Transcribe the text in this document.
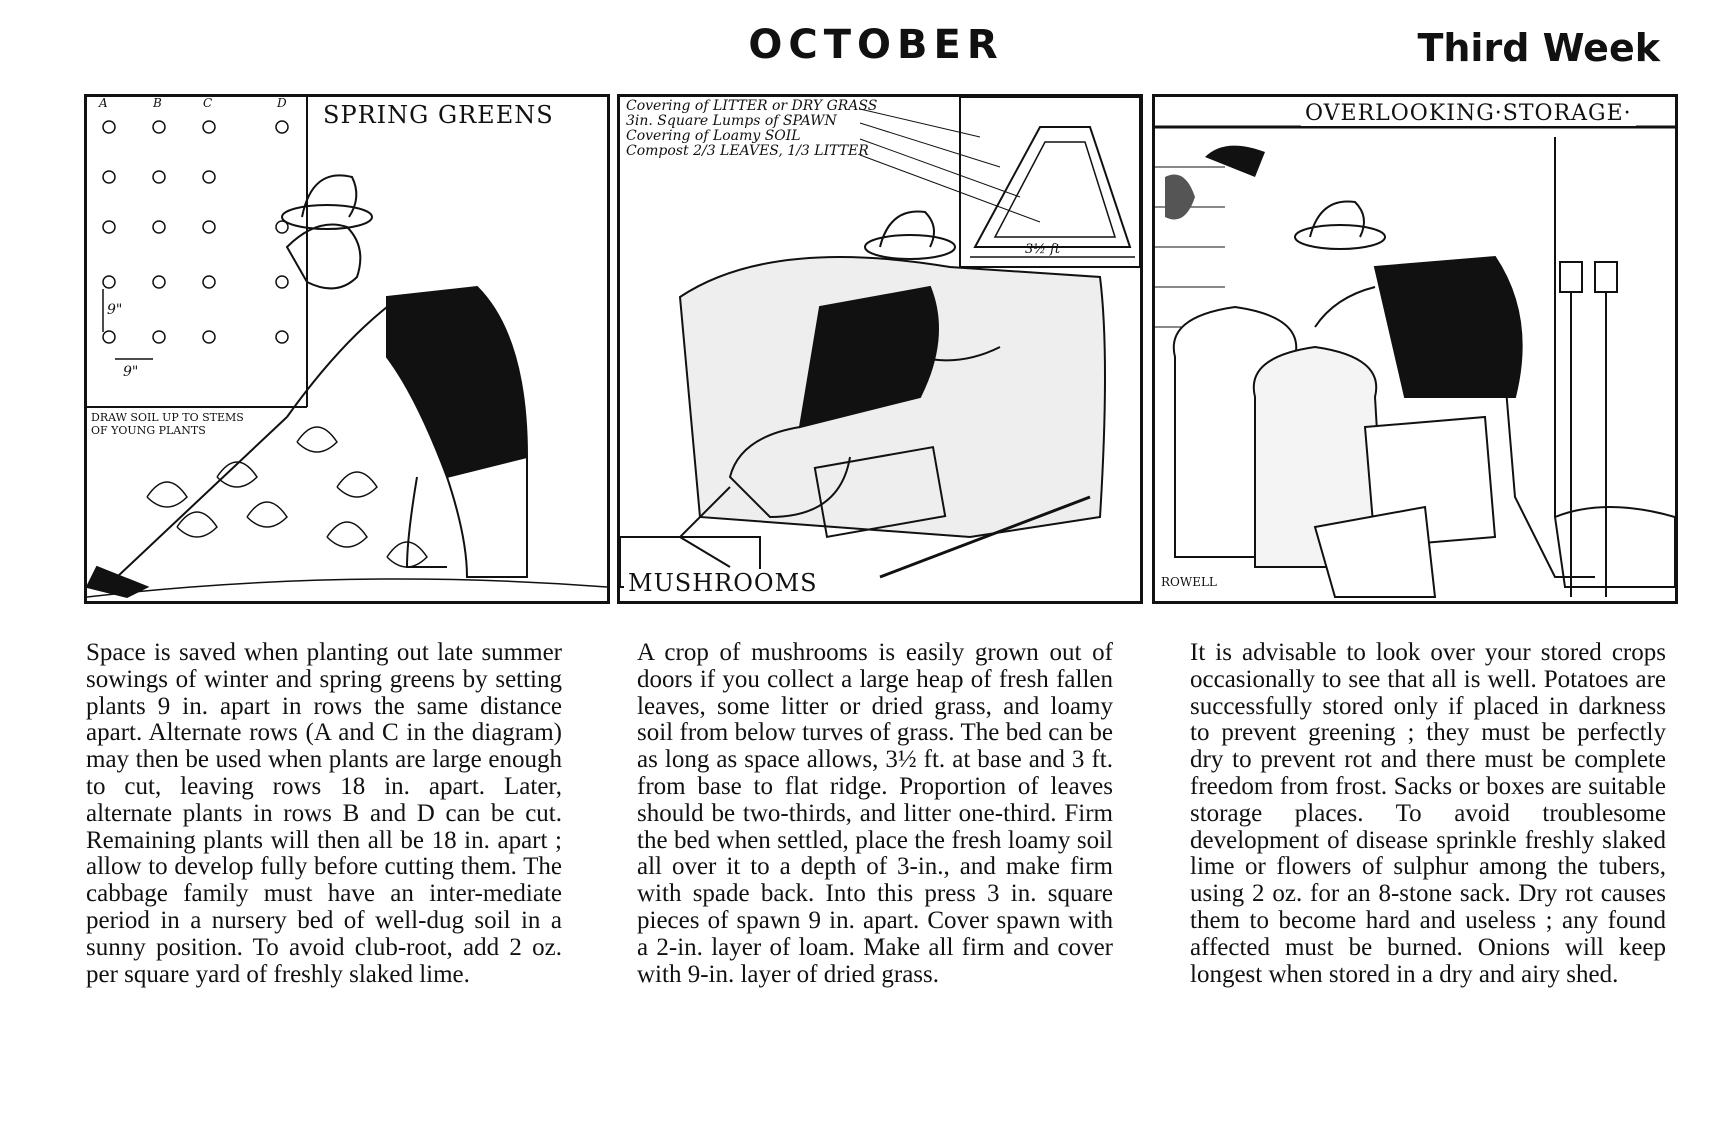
OCTOBER	Third Week
SPRING GREENS
A	B	C	D
9"
9"
DRAW SOIL UP TO STEMS OF YOUNG PLANTS
Covering of LITTER or DRY GRASS
3in. Square Lumps of SPAWN
Covering of Loamy SOIL
Compost 2/3 LEAVES, 1/3 LITTER
3½ ft
MUSHROOMS
OVERLOOKING·STORAGE·
ROWELL

Space is saved when planting out late summer sowings of winter and spring greens by setting plants 9 in. apart in rows the same distance apart. Alternate rows (A and C in the diagram) may then be used when plants are large enough to cut, leaving rows 18 in. apart. Later, alternate plants in rows B and D can be cut. Remaining plants will then all be 18 in. apart ; allow to develop fully before cutting them. The cabbage family must have an inter-mediate period in a nursery bed of well-dug soil in a sunny position. To avoid club-root, add 2 oz. per square yard of freshly slaked lime.

A crop of mushrooms is easily grown out of doors if you collect a large heap of fresh fallen leaves, some litter or dried grass, and loamy soil from below turves of grass. The bed can be as long as space allows, 3½ ft. at base and 3 ft. from base to flat ridge. Proportion of leaves should be two-thirds, and litter one-third. Firm the bed when settled, place the fresh loamy soil all over it to a depth of 3-in., and make firm with spade back. Into this press 3 in. square pieces of spawn 9 in. apart. Cover spawn with a 2-in. layer of loam. Make all firm and cover with 9-in. layer of dried grass.

It is advisable to look over your stored crops occasionally to see that all is well. Potatoes are successfully stored only if placed in darkness to prevent greening ; they must be perfectly dry to prevent rot and there must be complete freedom from frost. Sacks or boxes are suitable storage places. To avoid troublesome development of disease sprinkle freshly slaked lime or flowers of sulphur among the tubers, using 2 oz. for an 8-stone sack. Dry rot causes them to become hard and useless ; any found affected must be burned. Onions will keep longest when stored in a dry and airy shed.
